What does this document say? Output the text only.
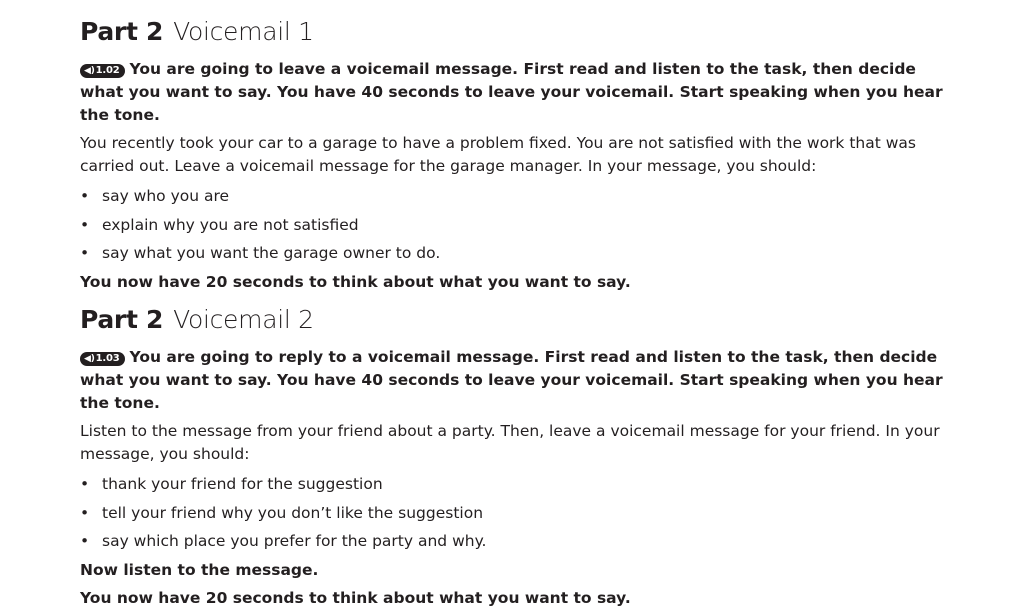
Part 2 Voicemail 1
◀)1.02 You are going to leave a voicemail message. First read and listen to the task, then decide what you want to say. You have 40 seconds to leave your voicemail. Start speaking when you hear the tone.
You recently took your car to a garage to have a problem fixed. You are not satisfied with the work that was carried out. Leave a voicemail message for the garage manager. In your message, you should:
• say who you are
• explain why you are not satisfied
• say what you want the garage owner to do.
You now have 20 seconds to think about what you want to say.
Part 2 Voicemail 2
◀)1.03 You are going to reply to a voicemail message. First read and listen to the task, then decide what you want to say. You have 40 seconds to leave your voicemail. Start speaking when you hear the tone.
Listen to the message from your friend about a party. Then, leave a voicemail message for your friend. In your message, you should:
• thank your friend for the suggestion
• tell your friend why you don’t like the suggestion
• say which place you prefer for the party and why.
Now listen to the message.
You now have 20 seconds to think about what you want to say.
